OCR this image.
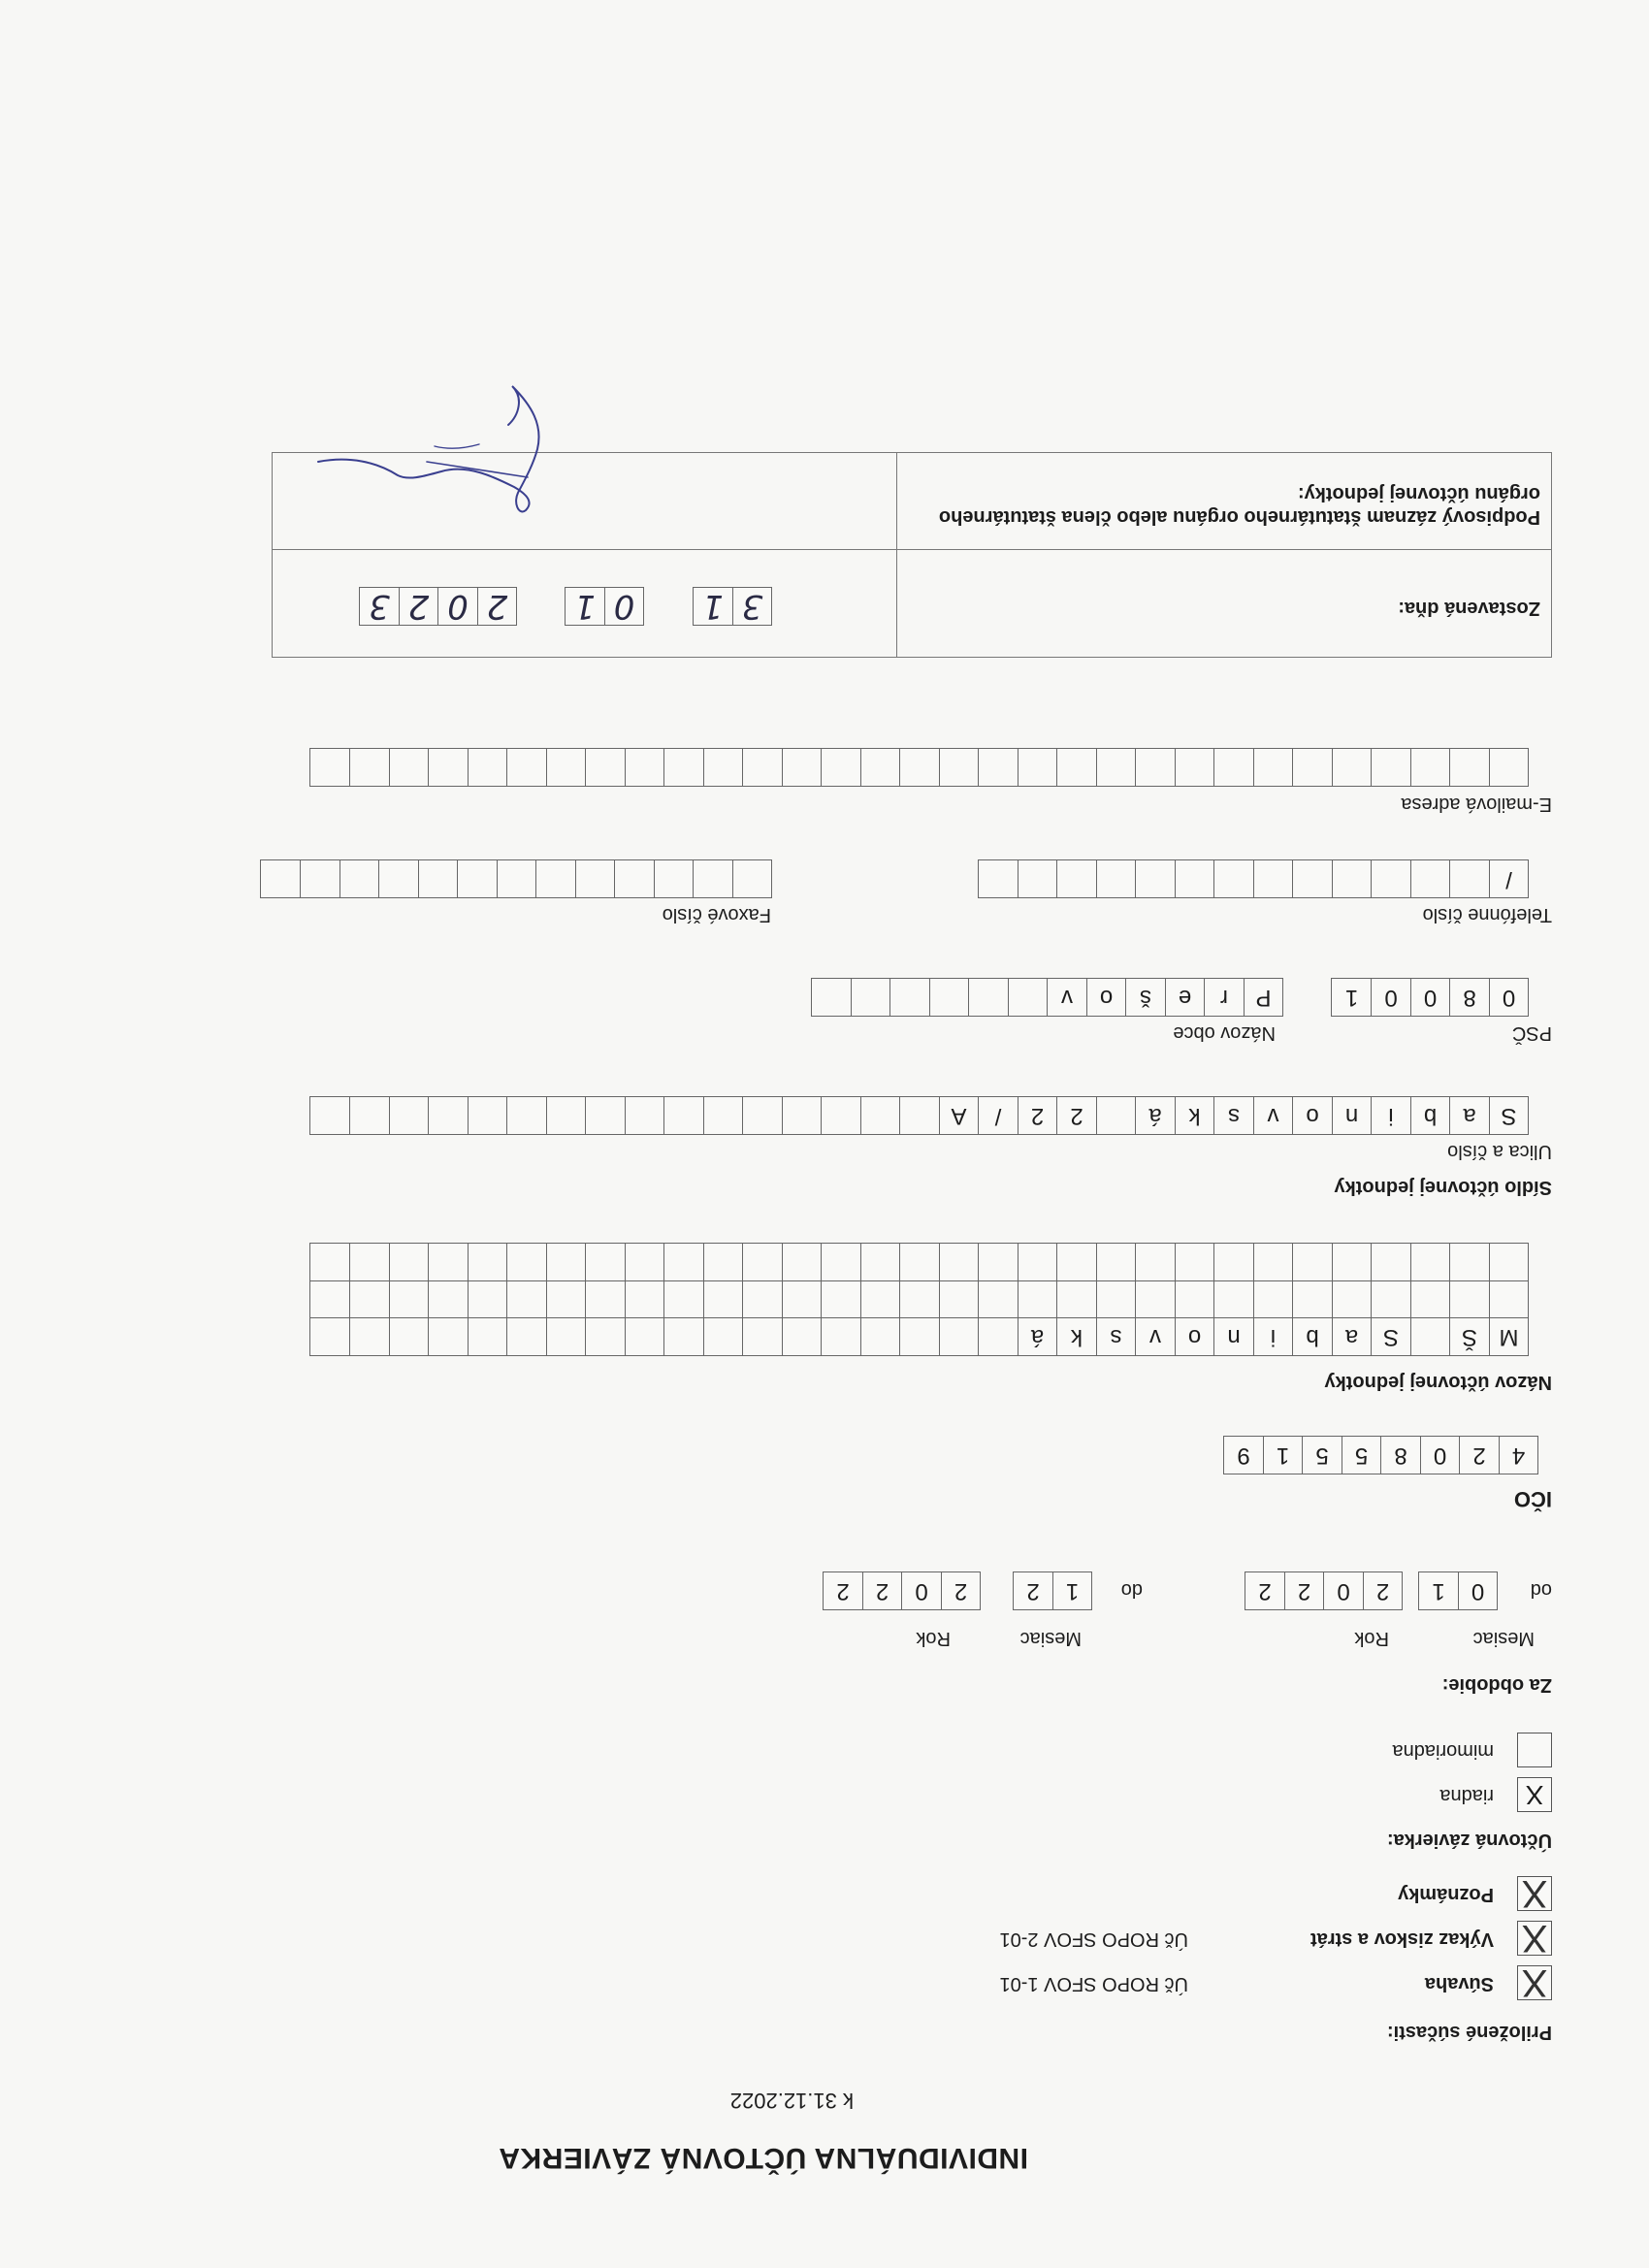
INDIVIDUÁLNA ÚČTOVNÁ ZÁVIERKA
k 31.12.2022
Priložené súčasti:
X
Súvaha
Úč ROPO SFOV 1-01
X
Výkaz ziskov a strát
Úč ROPO SFOV 2-01
X
Poznámky
Účtovná závierka:
X
riadna
mimoriadna
Za obdobie:
Mesiac
Rok
Mesiac
Rok
od
0
1
2
0
2
2
do
1
2
2
0
2
2
IČO
4
2
0
8
5
5
1
9
Názov účtovnej jednotky
M
Š
S
a
b
i
n
o
v
s
k
á
Sídlo účtovnej jednotky
Ulica a číslo
S
a
b
i
n
o
v
s
k
á
2
2
/
A
PSČ
Názov obce
0
8
0
0
1
P
r
e
š
o
v
Telefónne číslo
Faxové číslo
/
E-mailová adresa
Zostavená dňa:
Podpisový záznam štatutárneho orgánu alebo člena štatutárneho orgánu účtovnej jednotky:
3
1
0
1
2
0
2
3
